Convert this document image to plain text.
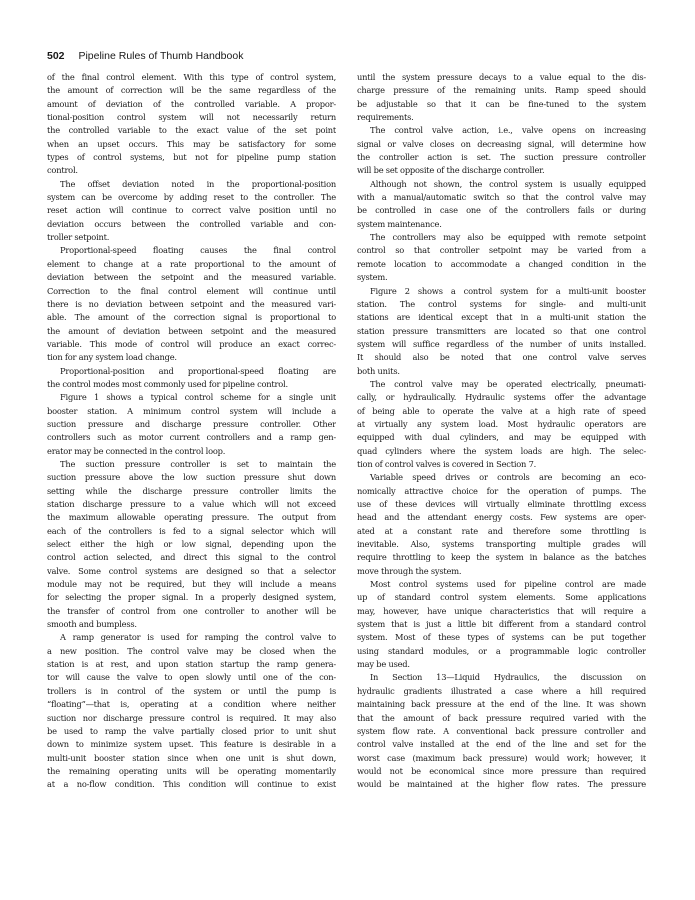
502 Pipeline Rules of Thumb Handbook
of the final control element. With this type of control system,
the amount of correction will be the same regardless of the
amount of deviation of the controlled variable. A propor-
tional-position control system will not necessarily return
the controlled variable to the exact value of the set point
when an upset occurs. This may be satisfactory for some
types of control systems, but not for pipeline pump station
control.
The offset deviation noted in the proportional-position
system can be overcome by adding reset to the controller. The
reset action will continue to correct valve position until no
deviation occurs between the controlled variable and con-
troller setpoint.
Proportional-speed floating causes the final control
element to change at a rate proportional to the amount of
deviation between the setpoint and the measured variable.
Correction to the final control element will continue until
there is no deviation between setpoint and the measured vari-
able. The amount of the correction signal is proportional to
the amount of deviation between setpoint and the measured
variable. This mode of control will produce an exact correc-
tion for any system load change.
Proportional-position and proportional-speed floating are
the control modes most commonly used for pipeline control.
Figure 1 shows a typical control scheme for a single unit
booster station. A minimum control system will include a
suction pressure and discharge pressure controller. Other
controllers such as motor current controllers and a ramp gen-
erator may be connected in the control loop.
The suction pressure controller is set to maintain the
suction pressure above the low suction pressure shut down
setting while the discharge pressure controller limits the
station discharge pressure to a value which will not exceed
the maximum allowable operating pressure. The output from
each of the controllers is fed to a signal selector which will
select either the high or low signal, depending upon the
control action selected, and direct this signal to the control
valve. Some control systems are designed so that a selector
module may not be required, but they will include a means
for selecting the proper signal. In a properly designed system,
the transfer of control from one controller to another will be
smooth and bumpless.
A ramp generator is used for ramping the control valve to
a new position. The control valve may be closed when the
station is at rest, and upon station startup the ramp genera-
tor will cause the valve to open slowly until one of the con-
trollers is in control of the system or until the pump is
“floating”—that is, operating at a condition where neither
suction nor discharge pressure control is required. It may also
be used to ramp the valve partially closed prior to unit shut
down to minimize system upset. This feature is desirable in a
multi-unit booster station since when one unit is shut down,
the remaining operating units will be operating momentarily
at a no-flow condition. This condition will continue to exist
until the system pressure decays to a value equal to the dis-
charge pressure of the remaining units. Ramp speed should
be adjustable so that it can be fine-tuned to the system
requirements.
The control valve action, i.e., valve opens on increasing
signal or valve closes on decreasing signal, will determine how
the controller action is set. The suction pressure controller
will be set opposite of the discharge controller.
Although not shown, the control system is usually equipped
with a manual/automatic switch so that the control valve may
be controlled in case one of the controllers fails or during
system maintenance.
The controllers may also be equipped with remote setpoint
control so that controller setpoint may be varied from a
remote location to accommodate a changed condition in the
system.
Figure 2 shows a control system for a multi-unit booster
station. The control systems for single- and multi-unit
stations are identical except that in a multi-unit station the
station pressure transmitters are located so that one control
system will suffice regardless of the number of units installed.
It should also be noted that one control valve serves
both units.
The control valve may be operated electrically, pneumati-
cally, or hydraulically. Hydraulic systems offer the advantage
of being able to operate the valve at a high rate of speed
at virtually any system load. Most hydraulic operators are
equipped with dual cylinders, and may be equipped with
quad cylinders where the system loads are high. The selec-
tion of control valves is covered in Section 7.
Variable speed drives or controls are becoming an eco-
nomically attractive choice for the operation of pumps. The
use of these devices will virtually eliminate throttling excess
head and the attendant energy costs. Few systems are oper-
ated at a constant rate and therefore some throttling is
inevitable. Also, systems transporting multiple grades will
require throttling to keep the system in balance as the batches
move through the system.
Most control systems used for pipeline control are made
up of standard control system elements. Some applications
may, however, have unique characteristics that will require a
system that is just a little bit different from a standard control
system. Most of these types of systems can be put together
using standard modules, or a programmable logic controller
may be used.
In Section 13—Liquid Hydraulics, the discussion on
hydraulic gradients illustrated a case where a hill required
maintaining back pressure at the end of the line. It was shown
that the amount of back pressure required varied with the
system flow rate. A conventional back pressure controller and
control valve installed at the end of the line and set for the
worst case (maximum back pressure) would work; however, it
would not be economical since more pressure than required
would be maintained at the higher flow rates. The pressure
